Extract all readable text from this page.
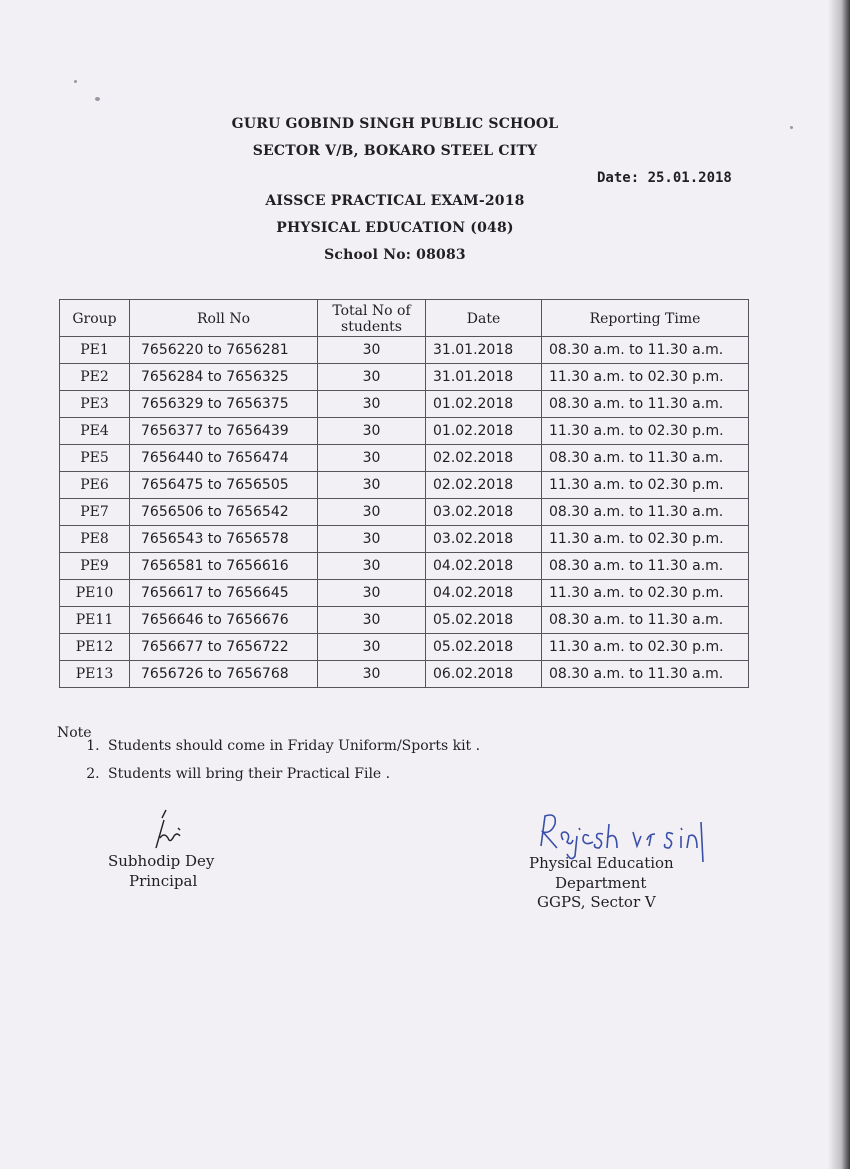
GURU GOBIND SINGH PUBLIC SCHOOL
SECTOR V/B, BOKARO STEEL CITY
Date: 25.01.2018
AISSCE PRACTICAL EXAM-2018
PHYSICAL EDUCATION (048)
School No: 08083
Group	Roll No	Total No of students	Date	Reporting Time
PE1	7656220 to 7656281	30	31.01.2018	08.30 a.m. to 11.30 a.m.
PE2	7656284 to 7656325	30	31.01.2018	11.30 a.m. to 02.30 p.m.
PE3	7656329 to 7656375	30	01.02.2018	08.30 a.m. to 11.30 a.m.
PE4	7656377 to 7656439	30	01.02.2018	11.30 a.m. to 02.30 p.m.
PE5	7656440 to 7656474	30	02.02.2018	08.30 a.m. to 11.30 a.m.
PE6	7656475 to 7656505	30	02.02.2018	11.30 a.m. to 02.30 p.m.
PE7	7656506 to 7656542	30	03.02.2018	08.30 a.m. to 11.30 a.m.
PE8	7656543 to 7656578	30	03.02.2018	11.30 a.m. to 02.30 p.m.
PE9	7656581 to 7656616	30	04.02.2018	08.30 a.m. to 11.30 a.m.
PE10	7656617 to 7656645	30	04.02.2018	11.30 a.m. to 02.30 p.m.
PE11	7656646 to 7656676	30	05.02.2018	08.30 a.m. to 11.30 a.m.
PE12	7656677 to 7656722	30	05.02.2018	11.30 a.m. to 02.30 p.m.
PE13	7656726 to 7656768	30	06.02.2018	08.30 a.m. to 11.30 a.m.
Note
1. Students should come in Friday Uniform/Sports kit .
2. Students will bring their Practical File .
Subhodip Dey
Principal
Physical Education
Department
GGPS, Sector V
